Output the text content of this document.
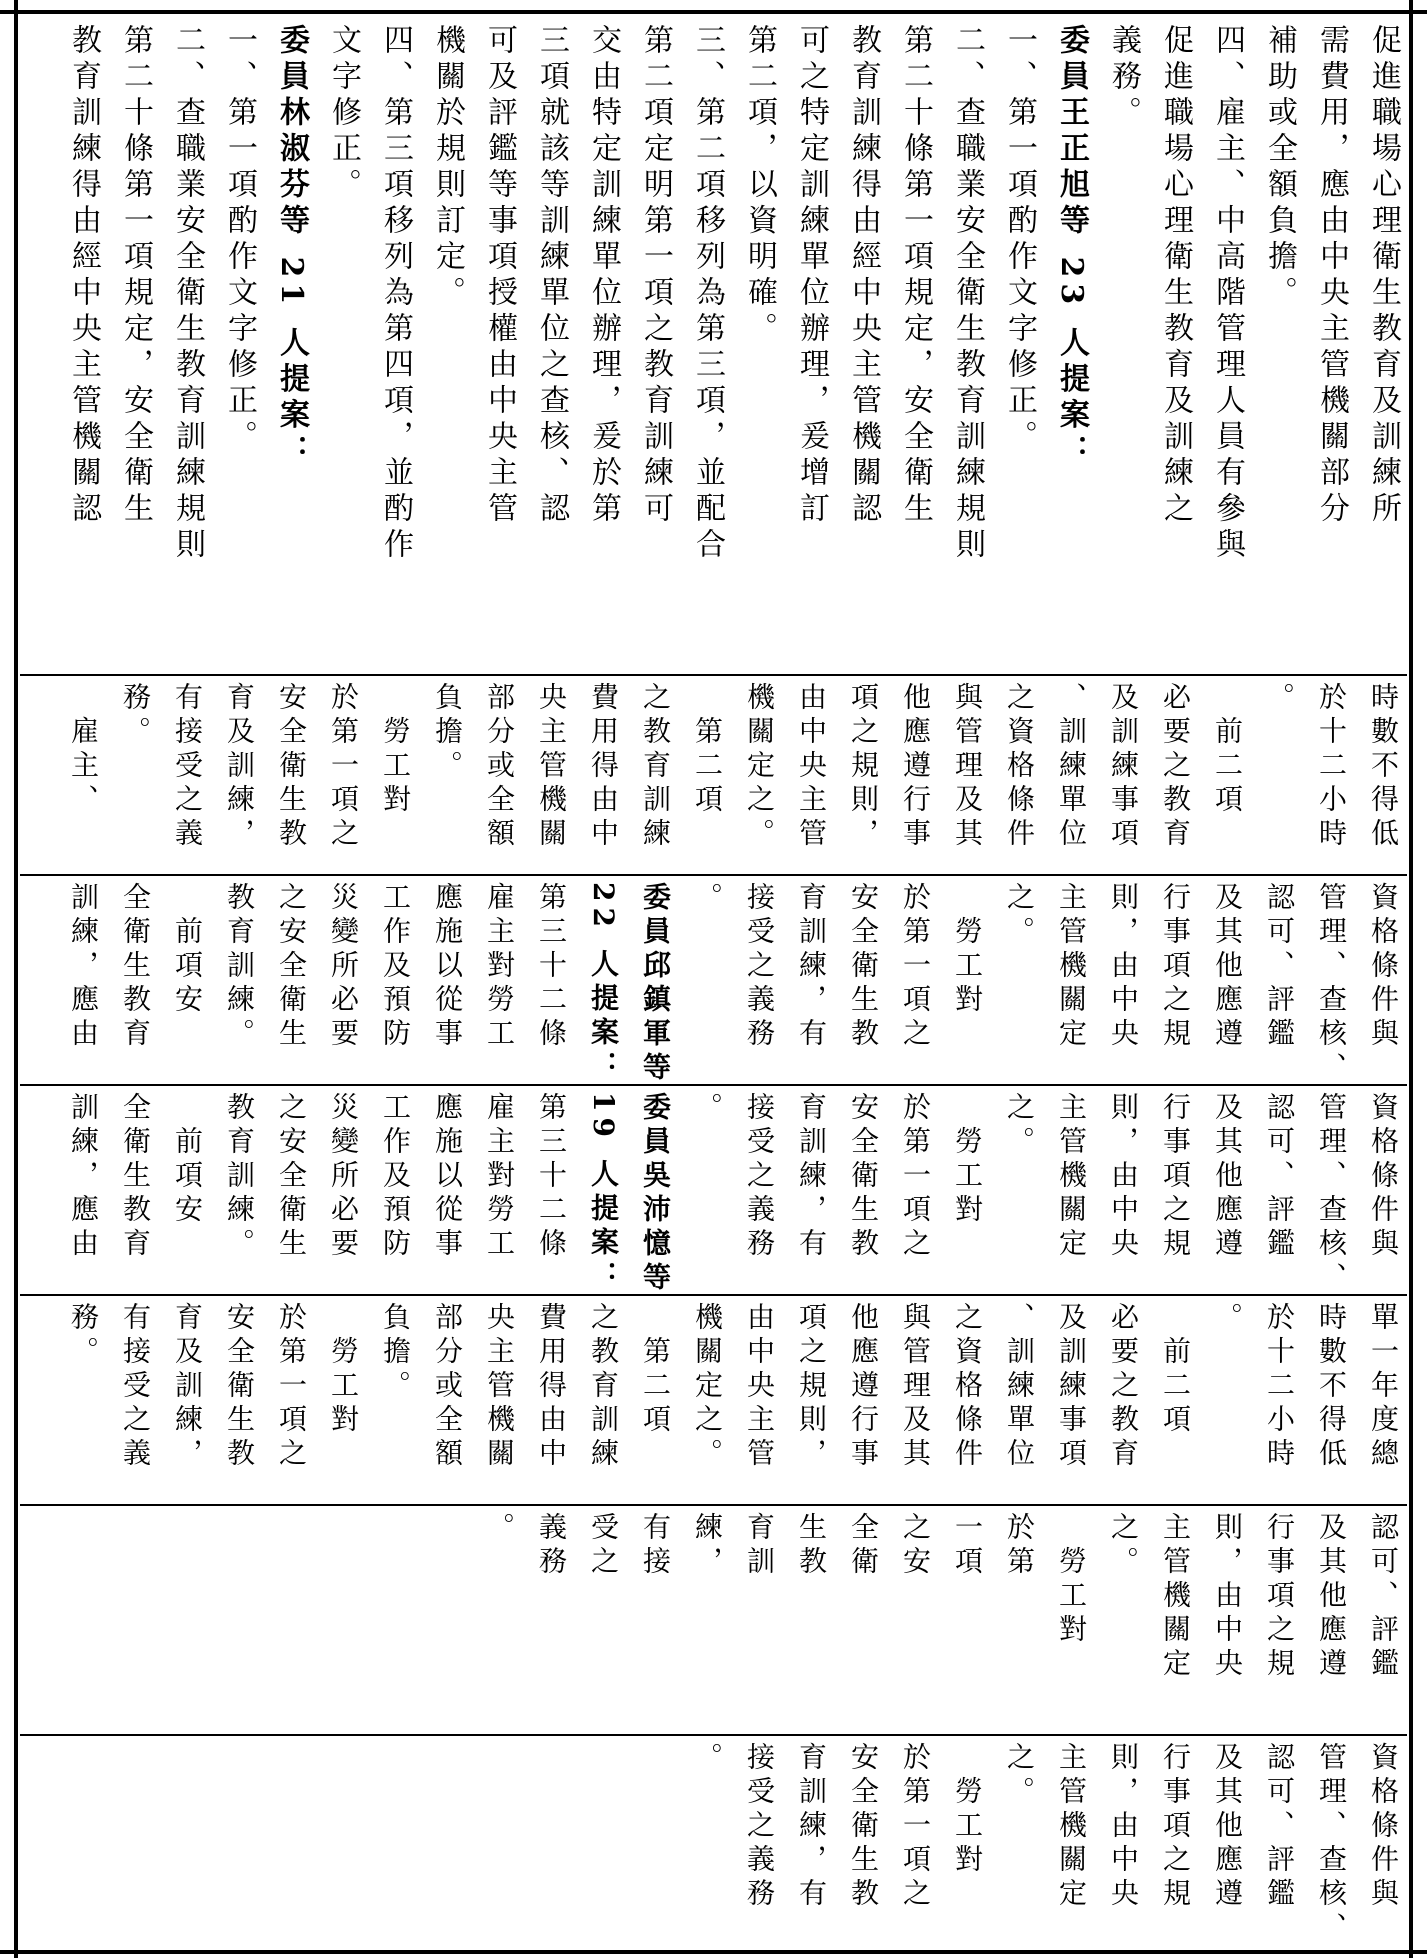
促進職場心理衛生教育及訓練所
需費用，應由中央主管機關部分
補助或全額負擔。
四、雇主、中高階管理人員有參與
促進職場心理衛生教育及訓練之
義務。
委員王正旭等 23 人提案：
一、第一項酌作文字修正。
二、查職業安全衛生教育訓練規則
第二十條第一項規定，安全衛生
教育訓練得由經中央主管機關認
可之特定訓練單位辦理，爰增訂
第二項，以資明確。
三、第二項移列為第三項，並配合
第二項定明第一項之教育訓練可
交由特定訓練單位辦理，爰於第
三項就該等訓練單位之查核、認
可及評鑑等事項授權由中央主管
機關於規則訂定。
四、第三項移列為第四項，並酌作
文字修正。
委員林淑芬等 21 人提案：
一、第一項酌作文字修正。
二、查職業安全衛生教育訓練規則
第二十條第一項規定，安全衛生
教育訓練得由經中央主管機關認
資格條件與
管理、查核、
認可、評鑑
及其他應遵
行事項之規
則，由中央
主管機關定
之。
　勞工對
於第一項之
安全衛生教
育訓練，有
接受之義務
。
認可、評鑑
及其他應遵
行事項之規
則，由中央
主管機關定
之。
　勞工對
於第
一項
之安
全衛
生教
育訓
練，
有接
受之
義務
。
單一年度總
時數不得低
於十二小時
。
　前二項
必要之教育
及訓練事項
、訓練單位
之資格條件
與管理及其
他應遵行事
項之規則，
由中央主管
機關定之。
　第二項
之教育訓練
費用得由中
央主管機關
部分或全額
負擔。
　勞工對
於第一項之
安全衛生教
育及訓練，
有接受之義
務。
資格條件與
管理、查核、
認可、評鑑
及其他應遵
行事項之規
則，由中央
主管機關定
之。
　勞工對
於第一項之
安全衛生教
育訓練，有
接受之義務
。
委員吳沛憶等
19 人提案：
第三十二條
雇主對勞工
應施以從事
工作及預防
災變所必要
之安全衛生
教育訓練。
　前項安
全衛生教育
訓練，應由
資格條件與
管理、查核、
認可、評鑑
及其他應遵
行事項之規
則，由中央
主管機關定
之。
　勞工對
於第一項之
安全衛生教
育訓練，有
接受之義務
。
委員邱鎮軍等
22 人提案：
第三十二條
雇主對勞工
應施以從事
工作及預防
災變所必要
之安全衛生
教育訓練。
　前項安
全衛生教育
訓練，應由
時數不得低
於十二小時
。
　前二項
必要之教育
及訓練事項
、訓練單位
之資格條件
與管理及其
他應遵行事
項之規則，
由中央主管
機關定之。
　第二項
之教育訓練
費用得由中
央主管機關
部分或全額
負擔。
　勞工對
於第一項之
安全衛生教
育及訓練，
有接受之義
務。
　雇主、
